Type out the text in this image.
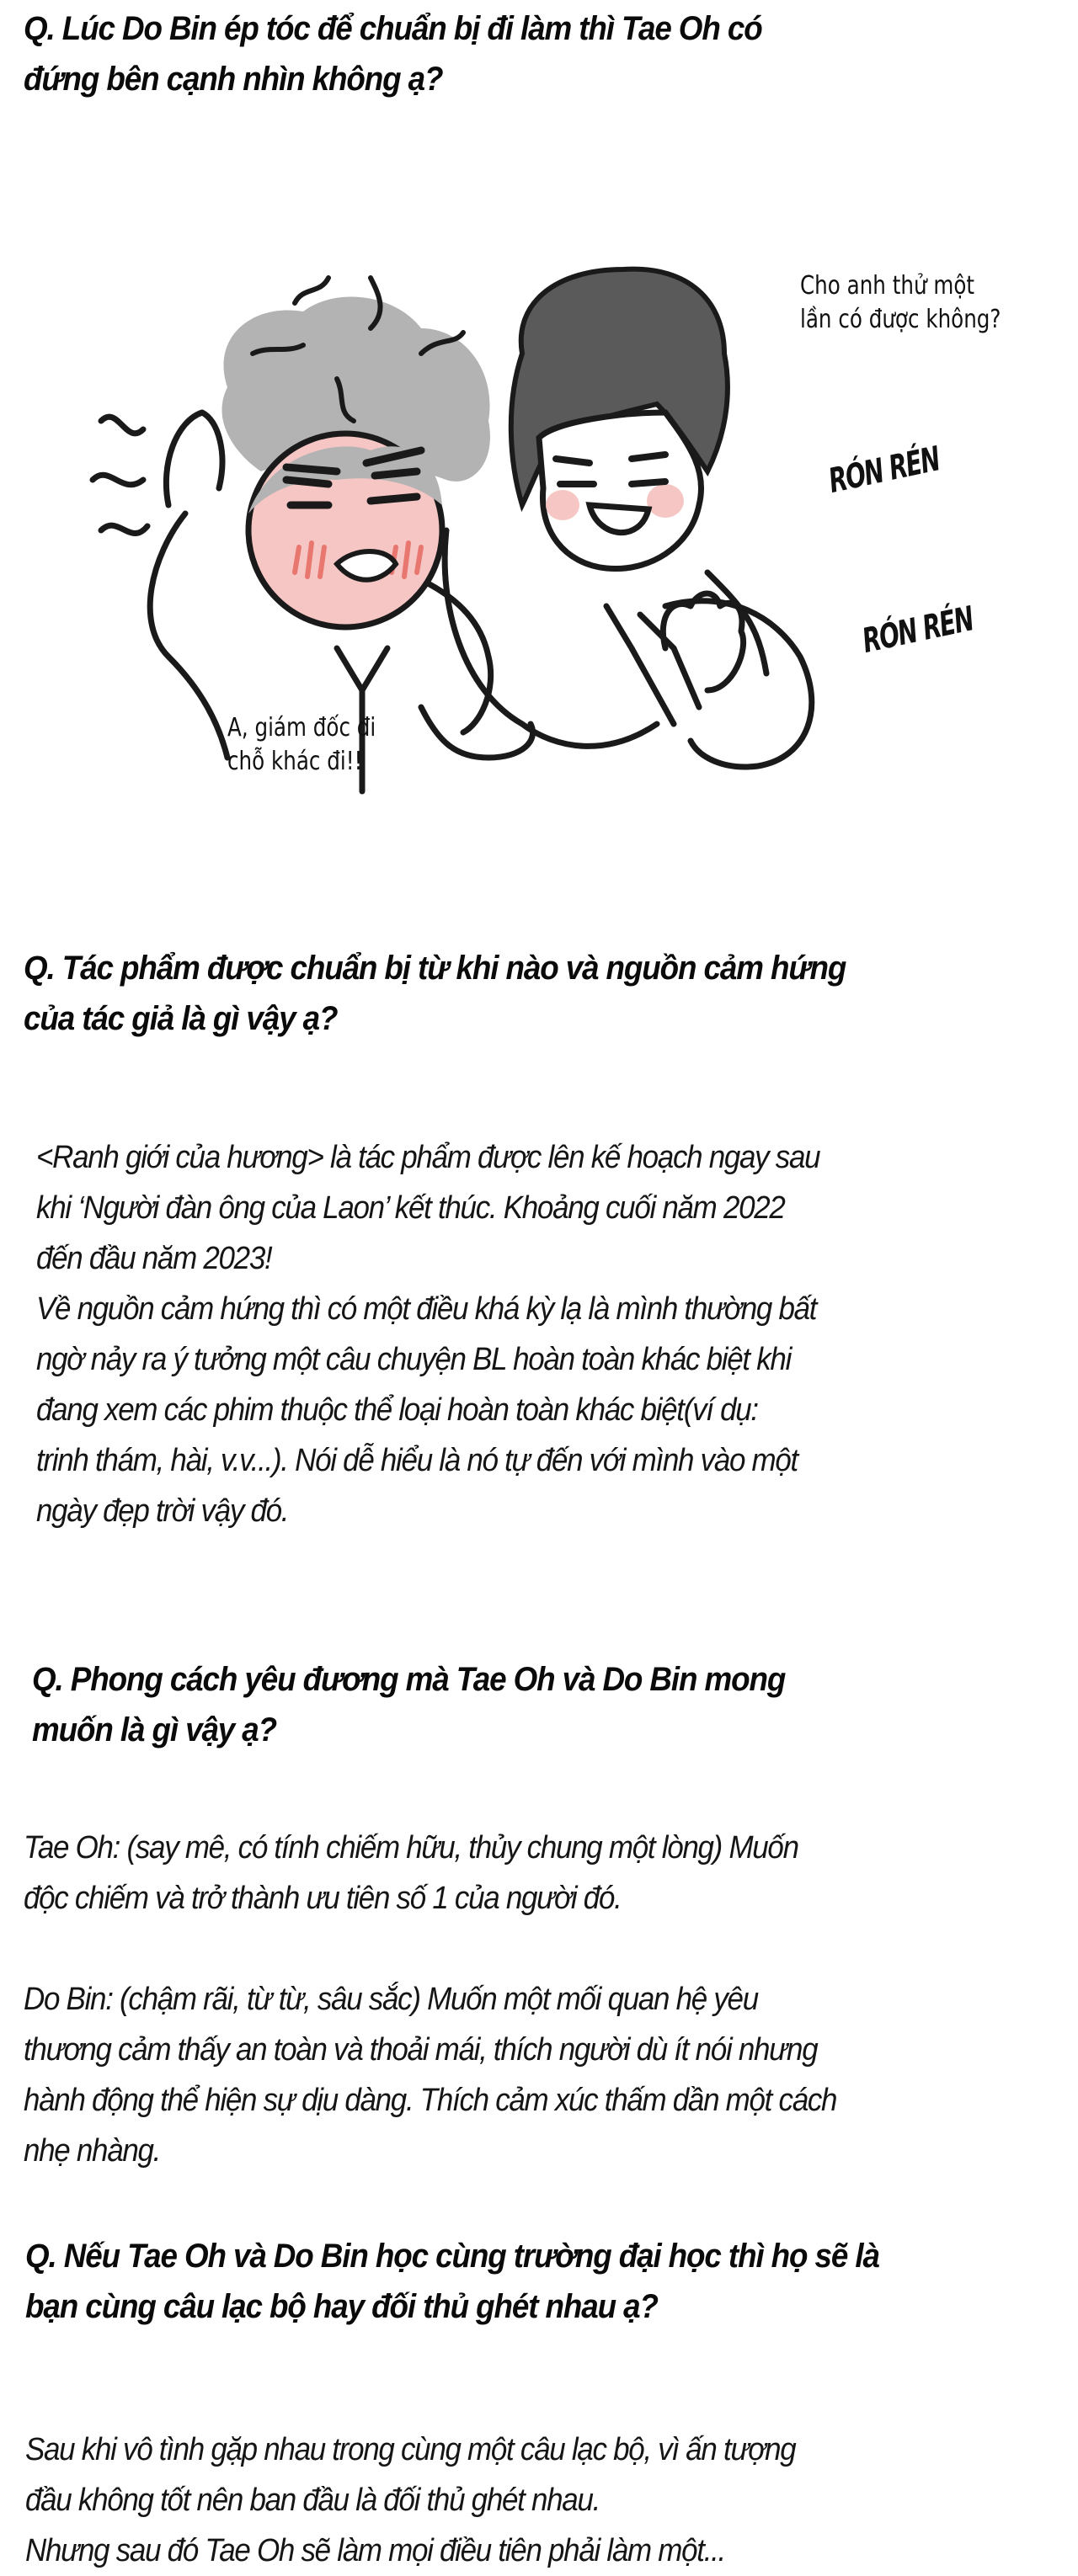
Q. Lúc Do Bin ép tóc để chuẩn bị đi làm thì Tae Oh có
đứng bên cạnh nhìn không ạ?
Cho anh thử một
lần có được không?
A, giám đốc đi
chỗ khác đi!!
RÓN RÉN
RÓN RÉN
Q. Tác phẩm được chuẩn bị từ khi nào và nguồn cảm hứng
của tác giả là gì vậy ạ?
<Ranh giới của hương> là tác phẩm được lên kế hoạch ngay sau
khi ‘Người đàn ông của Laon’ kết thúc. Khoảng cuối năm 2022
đến đầu năm 2023!
Về nguồn cảm hứng thì có một điều khá kỳ lạ là mình thường bất
ngờ nảy ra ý tưởng một câu chuyện BL hoàn toàn khác biệt khi
đang xem các phim thuộc thể loại hoàn toàn khác biệt(ví dụ:
trinh thám, hài, v.v...). Nói dễ hiểu là nó tự đến với mình vào một
ngày đẹp trời vậy đó.
Q. Phong cách yêu đương mà Tae Oh và Do Bin mong
muốn là gì vậy ạ?
Tae Oh: (say mê, có tính chiếm hữu, thủy chung một lòng) Muốn
độc chiếm và trở thành ưu tiên số 1 của người đó.
Do Bin: (chậm rãi, từ từ, sâu sắc) Muốn một mối quan hệ yêu
thương cảm thấy an toàn và thoải mái, thích người dù ít nói nhưng
hành động thể hiện sự dịu dàng. Thích cảm xúc thấm dần một cách
nhẹ nhàng.
Q. Nếu Tae Oh và Do Bin học cùng trường đại học thì họ sẽ là
bạn cùng câu lạc bộ hay đối thủ ghét nhau ạ?
Sau khi vô tình gặp nhau trong cùng một câu lạc bộ, vì ấn tượng
đầu không tốt nên ban đầu là đối thủ ghét nhau.
Nhưng sau đó Tae Oh sẽ làm mọi điều tiên phải làm một...
